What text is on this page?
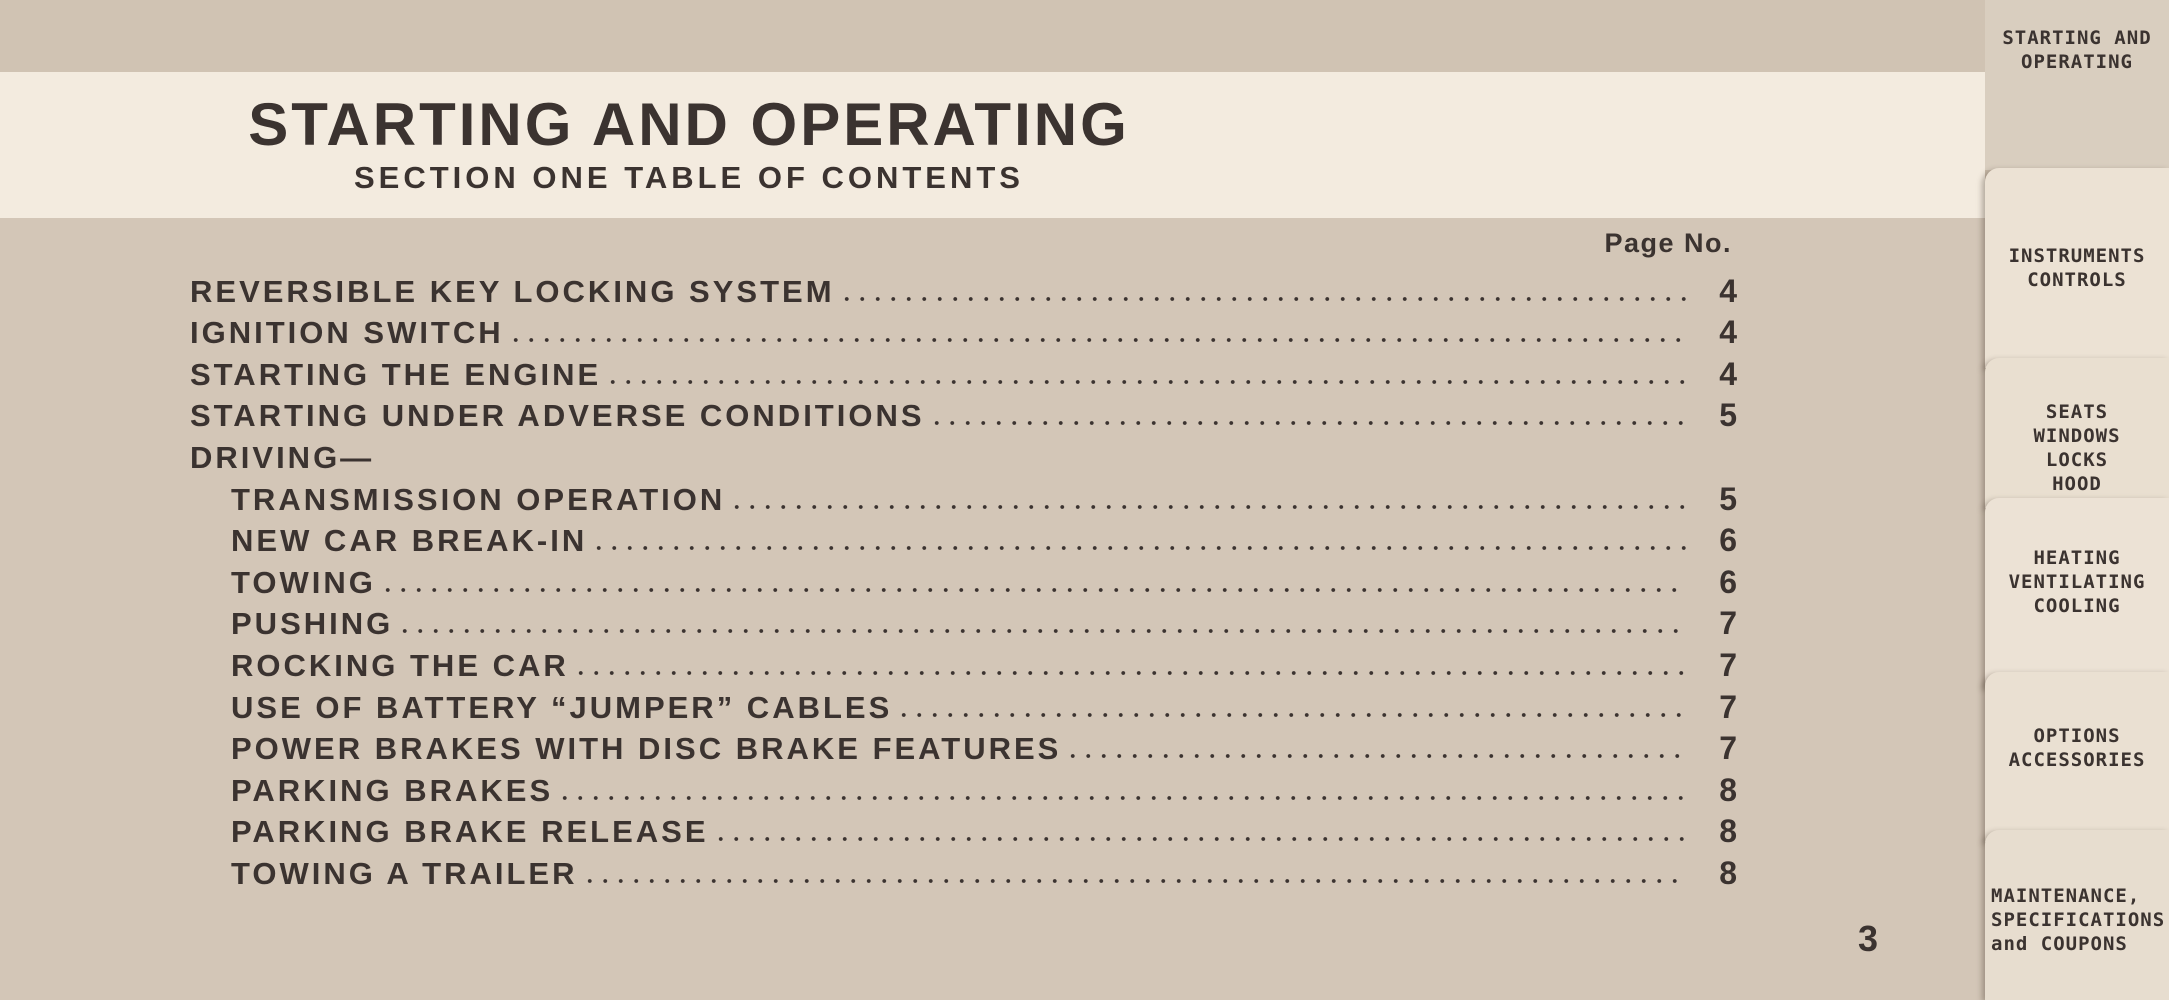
STARTING AND OPERATING
SECTION ONE TABLE OF CONTENTS
Page No.
REVERSIBLE KEY LOCKING SYSTEM	4
IGNITION SWITCH	4
STARTING THE ENGINE	4
STARTING UNDER ADVERSE CONDITIONS	5
DRIVING—
TRANSMISSION OPERATION	5
NEW CAR BREAK-IN	6
TOWING	6
PUSHING	7
ROCKING THE CAR	7
USE OF BATTERY “JUMPER” CABLES	7
POWER BRAKES WITH DISC BRAKE FEATURES	7
PARKING BRAKES	8
PARKING BRAKE RELEASE	8
TOWING A TRAILER	8
3
STARTING AND
OPERATING
INSTRUMENTS
CONTROLS
SEATS
WINDOWS
LOCKS
HOOD
HEATING
VENTILATING
COOLING
OPTIONS
ACCESSORIES
MAINTENANCE,
SPECIFICATIONS
and COUPONS
